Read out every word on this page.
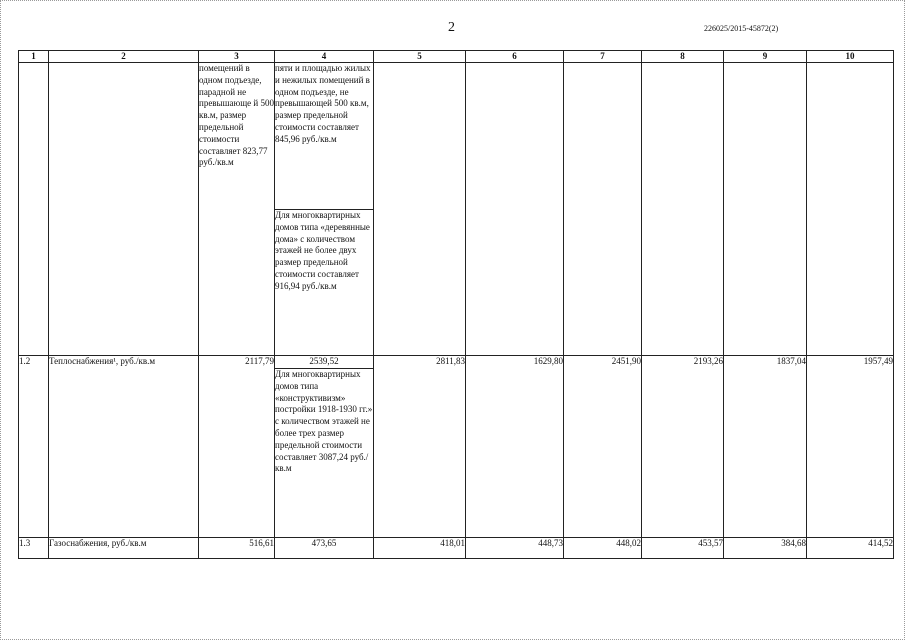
2	226025/2015-45872(2)
1	2	3	4	5	6	7	8	9	10
		помещений в одном подъезде, парадной не превышающе й 500 кв.м, размер предельной стоимости составляет 823,77 руб./кв.м	пяти и площадью жилых и нежилых помещений в одном подъезде, не превышающей 500 кв.м, размер предельной стоимости составляет 845,96 руб./кв.м						
			Для многоквартирных домов типа «деревянные дома» с количеством этажей не более двух размер предельной стоимости составляет 916,94 руб./кв.м						
1.2	Теплоснабжения¹, руб./кв.м	2117,79	2539,52	2811,83	1629,80	2451,90	2193,26	1837,04	1957,49
			Для многоквартирных домов типа «конструктивизм» постройки 1918-1930 гг.» с количеством этажей не более трех размер предельной стоимости составляет 3087,24 руб./кв.м						
1.3	Газоснабжения, руб./кв.м	516,61	473,65	418,01	448,73	448,02	453,57	384,68	414,52
